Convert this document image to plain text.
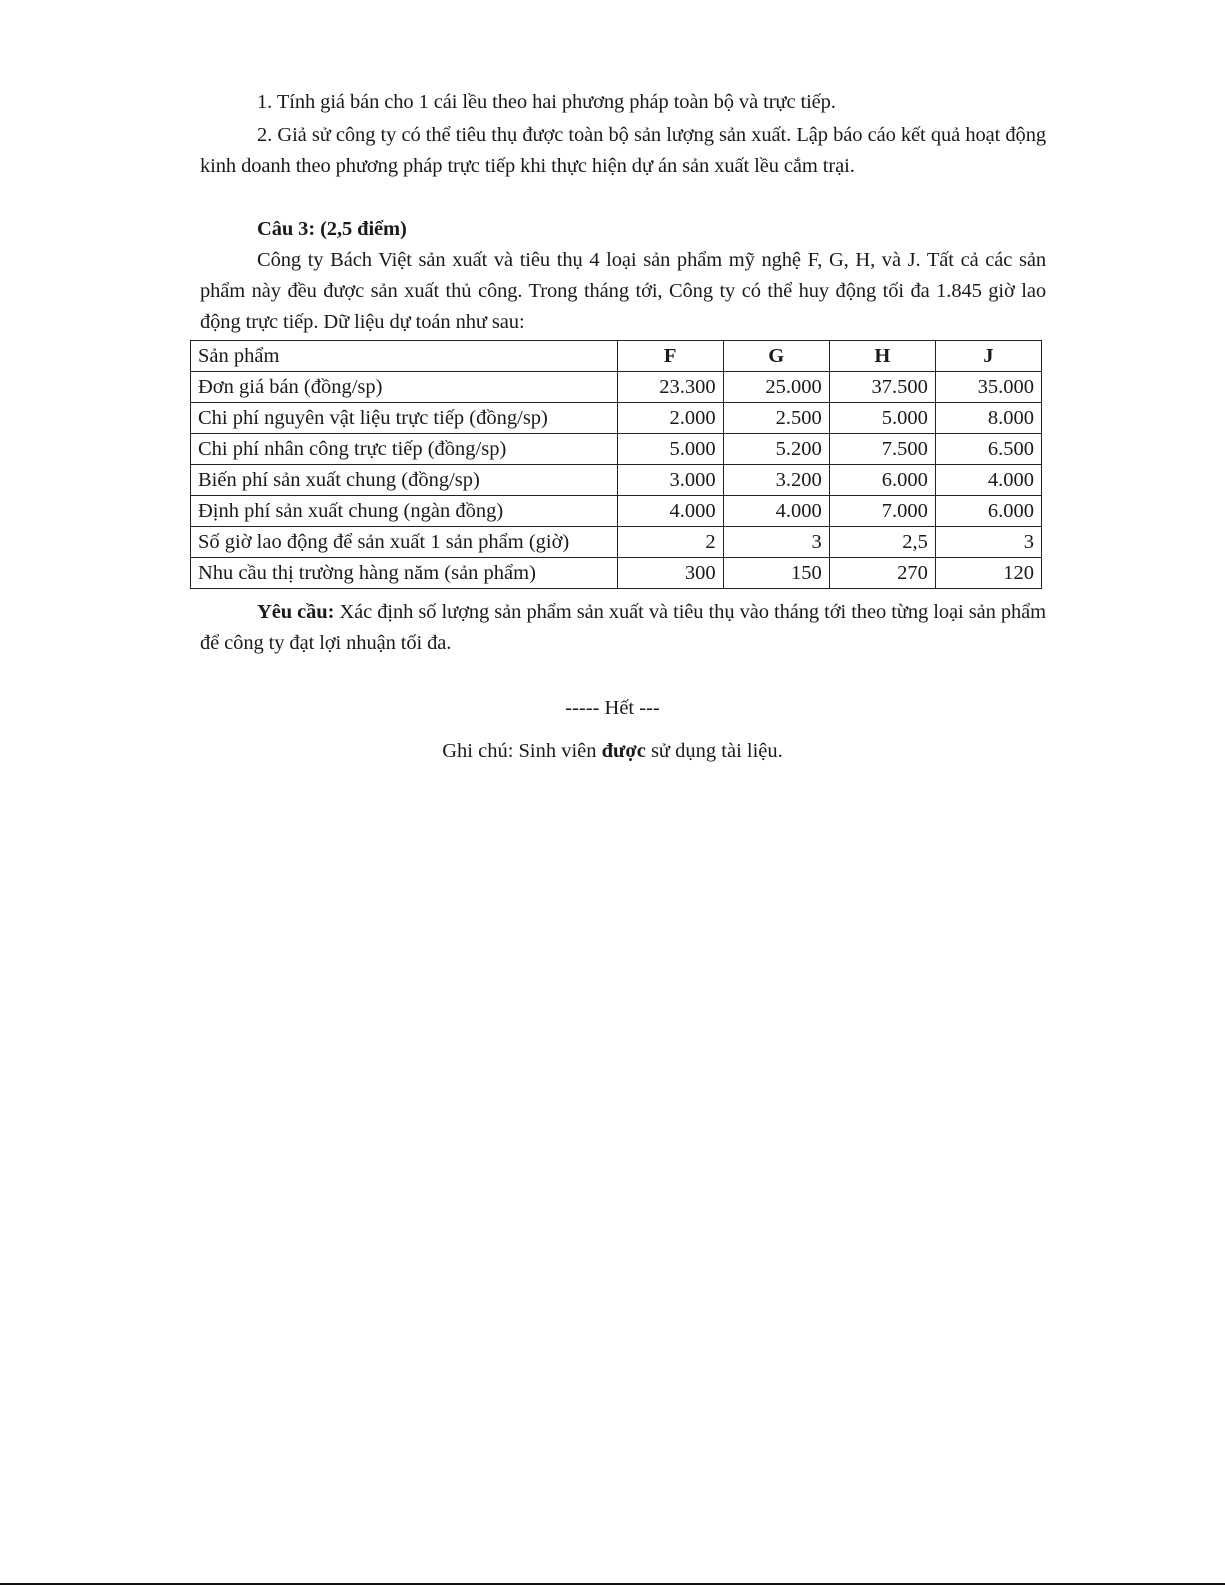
1. Tính giá bán cho 1 cái lều theo hai phương pháp toàn bộ và trực tiếp.
2. Giả sử công ty có thể tiêu thụ được toàn bộ sản lượng sản xuất. Lập báo cáo kết quả hoạt động kinh doanh theo phương pháp trực tiếp khi thực hiện dự án sản xuất lều cắm trại.
Câu 3: (2,5 điểm)
Công ty Bách Việt sản xuất và tiêu thụ 4 loại sản phẩm mỹ nghệ F, G, H, và J. Tất cả các sản phẩm này đều được sản xuất thủ công. Trong tháng tới, Công ty có thể huy động tối đa 1.845 giờ lao động trực tiếp. Dữ liệu dự toán như sau:
Sản phẩm	F	G	H	J
Đơn giá bán (đồng/sp)	23.300	25.000	37.500	35.000
Chi phí nguyên vật liệu trực tiếp (đồng/sp)	2.000	2.500	5.000	8.000
Chi phí nhân công trực tiếp (đồng/sp)	5.000	5.200	7.500	6.500
Biến phí sản xuất chung (đồng/sp)	3.000	3.200	6.000	4.000
Định phí sản xuất chung (ngàn đồng)	4.000	4.000	7.000	6.000
Số giờ lao động để sản xuất 1 sản phẩm (giờ)	2	3	2,5	3
Nhu cầu thị trường hàng năm (sản phẩm)	300	150	270	120
Yêu cầu: Xác định số lượng sản phẩm sản xuất và tiêu thụ vào tháng tới theo từng loại sản phẩm để công ty đạt lợi nhuận tối đa.
----- Hết ---
Ghi chú: Sinh viên được sử dụng tài liệu.
